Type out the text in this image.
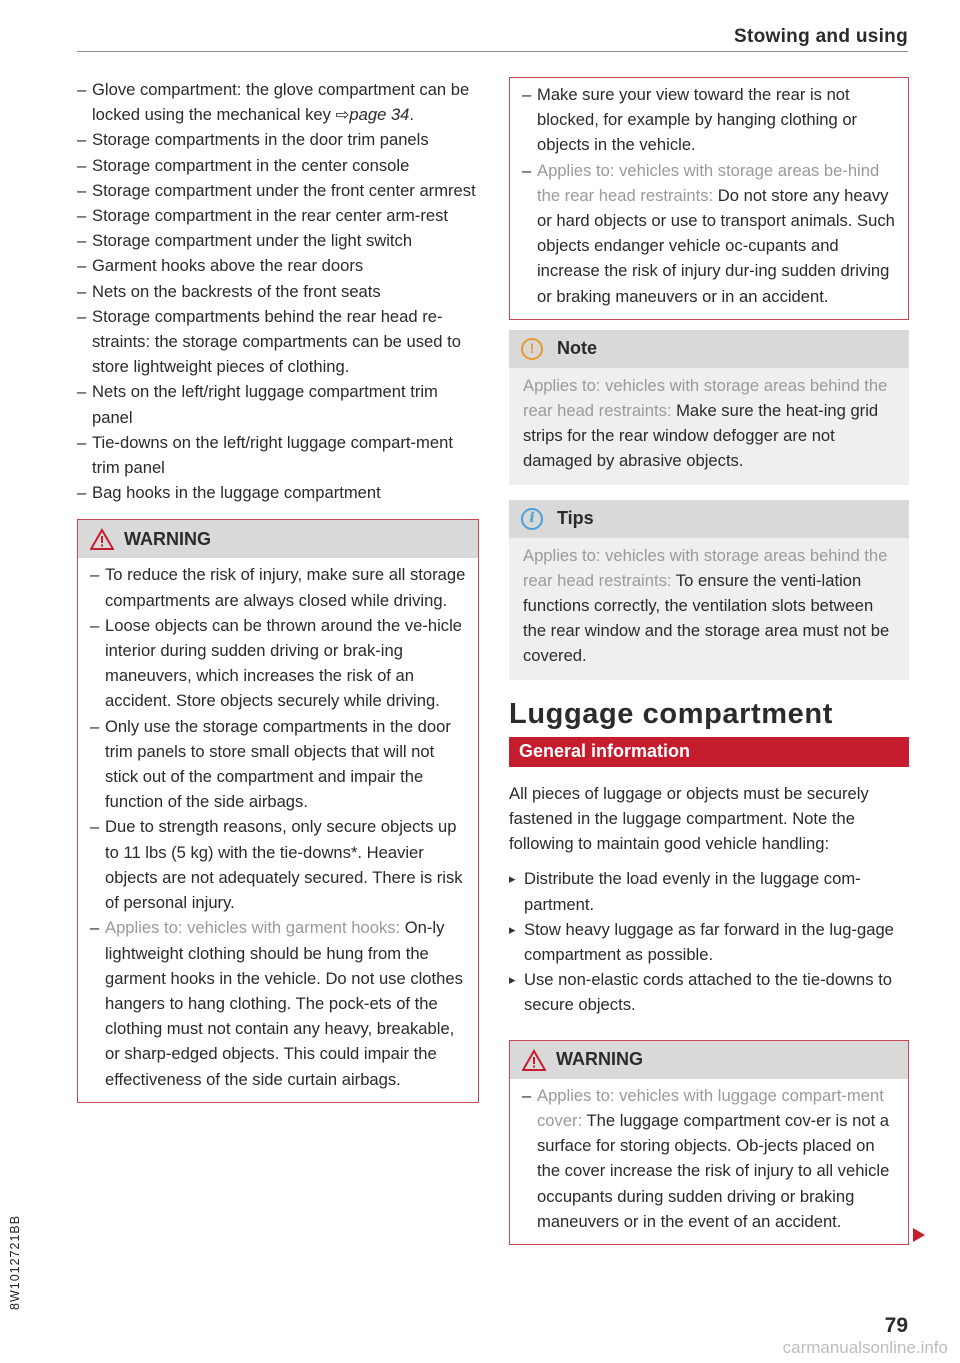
Stowing and using
– Glove compartment: the glove compartment can be locked using the mechanical key ⇨page 34.
– Storage compartments in the door trim panels
– Storage compartment in the center console
– Storage compartment under the front center armrest
– Storage compartment in the rear center arm-rest
– Storage compartment under the light switch
– Garment hooks above the rear doors
– Nets on the backrests of the front seats
– Storage compartments behind the rear head re-straints: the storage compartments can be used to store lightweight pieces of clothing.
– Nets on the left/right luggage compartment trim panel
– Tie-downs on the left/right luggage compart-ment trim panel
– Bag hooks in the luggage compartment
WARNING
– To reduce the risk of injury, make sure all storage compartments are always closed while driving.
– Loose objects can be thrown around the ve-hicle interior during sudden driving or brak-ing maneuvers, which increases the risk of an accident. Store objects securely while driving.
– Only use the storage compartments in the door trim panels to store small objects that will not stick out of the compartment and impair the function of the side airbags.
– Due to strength reasons, only secure objects up to 11 lbs (5 kg) with the tie-downs*. Heavier objects are not adequately secured. There is risk of personal injury.
– Applies to: vehicles with garment hooks: On-ly lightweight clothing should be hung from the garment hooks in the vehicle. Do not use clothes hangers to hang clothing. The pock-ets of the clothing must not contain any heavy, breakable, or sharp-edged objects. This could impair the effectiveness of the side curtain airbags.
– Make sure your view toward the rear is not blocked, for example by hanging clothing or objects in the vehicle.
– Applies to: vehicles with storage areas be-hind the rear head restraints: Do not store any heavy or hard objects or use to transport animals. Such objects endanger vehicle oc-cupants and increase the risk of injury dur-ing sudden driving or braking maneuvers or in an accident.
!	Note
Applies to: vehicles with storage areas behind the rear head restraints: Make sure the heat-ing grid strips for the rear window defogger are not damaged by abrasive objects.
i	Tips
Applies to: vehicles with storage areas behind the rear head restraints: To ensure the venti-lation functions correctly, the ventilation slots between the rear window and the storage area must not be covered.
Luggage compartment
General information

All pieces of luggage or objects must be securely fastened in the luggage compartment. Note the following to maintain good vehicle handling:

▸ Distribute the load evenly in the luggage com-partment.
▸ Stow heavy luggage as far forward in the lug-gage compartment as possible.
▸ Use non-elastic cords attached to the tie-downs to secure objects.
WARNING
– Applies to: vehicles with luggage compart-ment cover: The luggage compartment cov-er is not a surface for storing objects. Ob-jects placed on the cover increase the risk of injury to all vehicle occupants during sudden driving or braking maneuvers or in the event of an accident.
8W1012721BB
79
carmanualsonline.info
